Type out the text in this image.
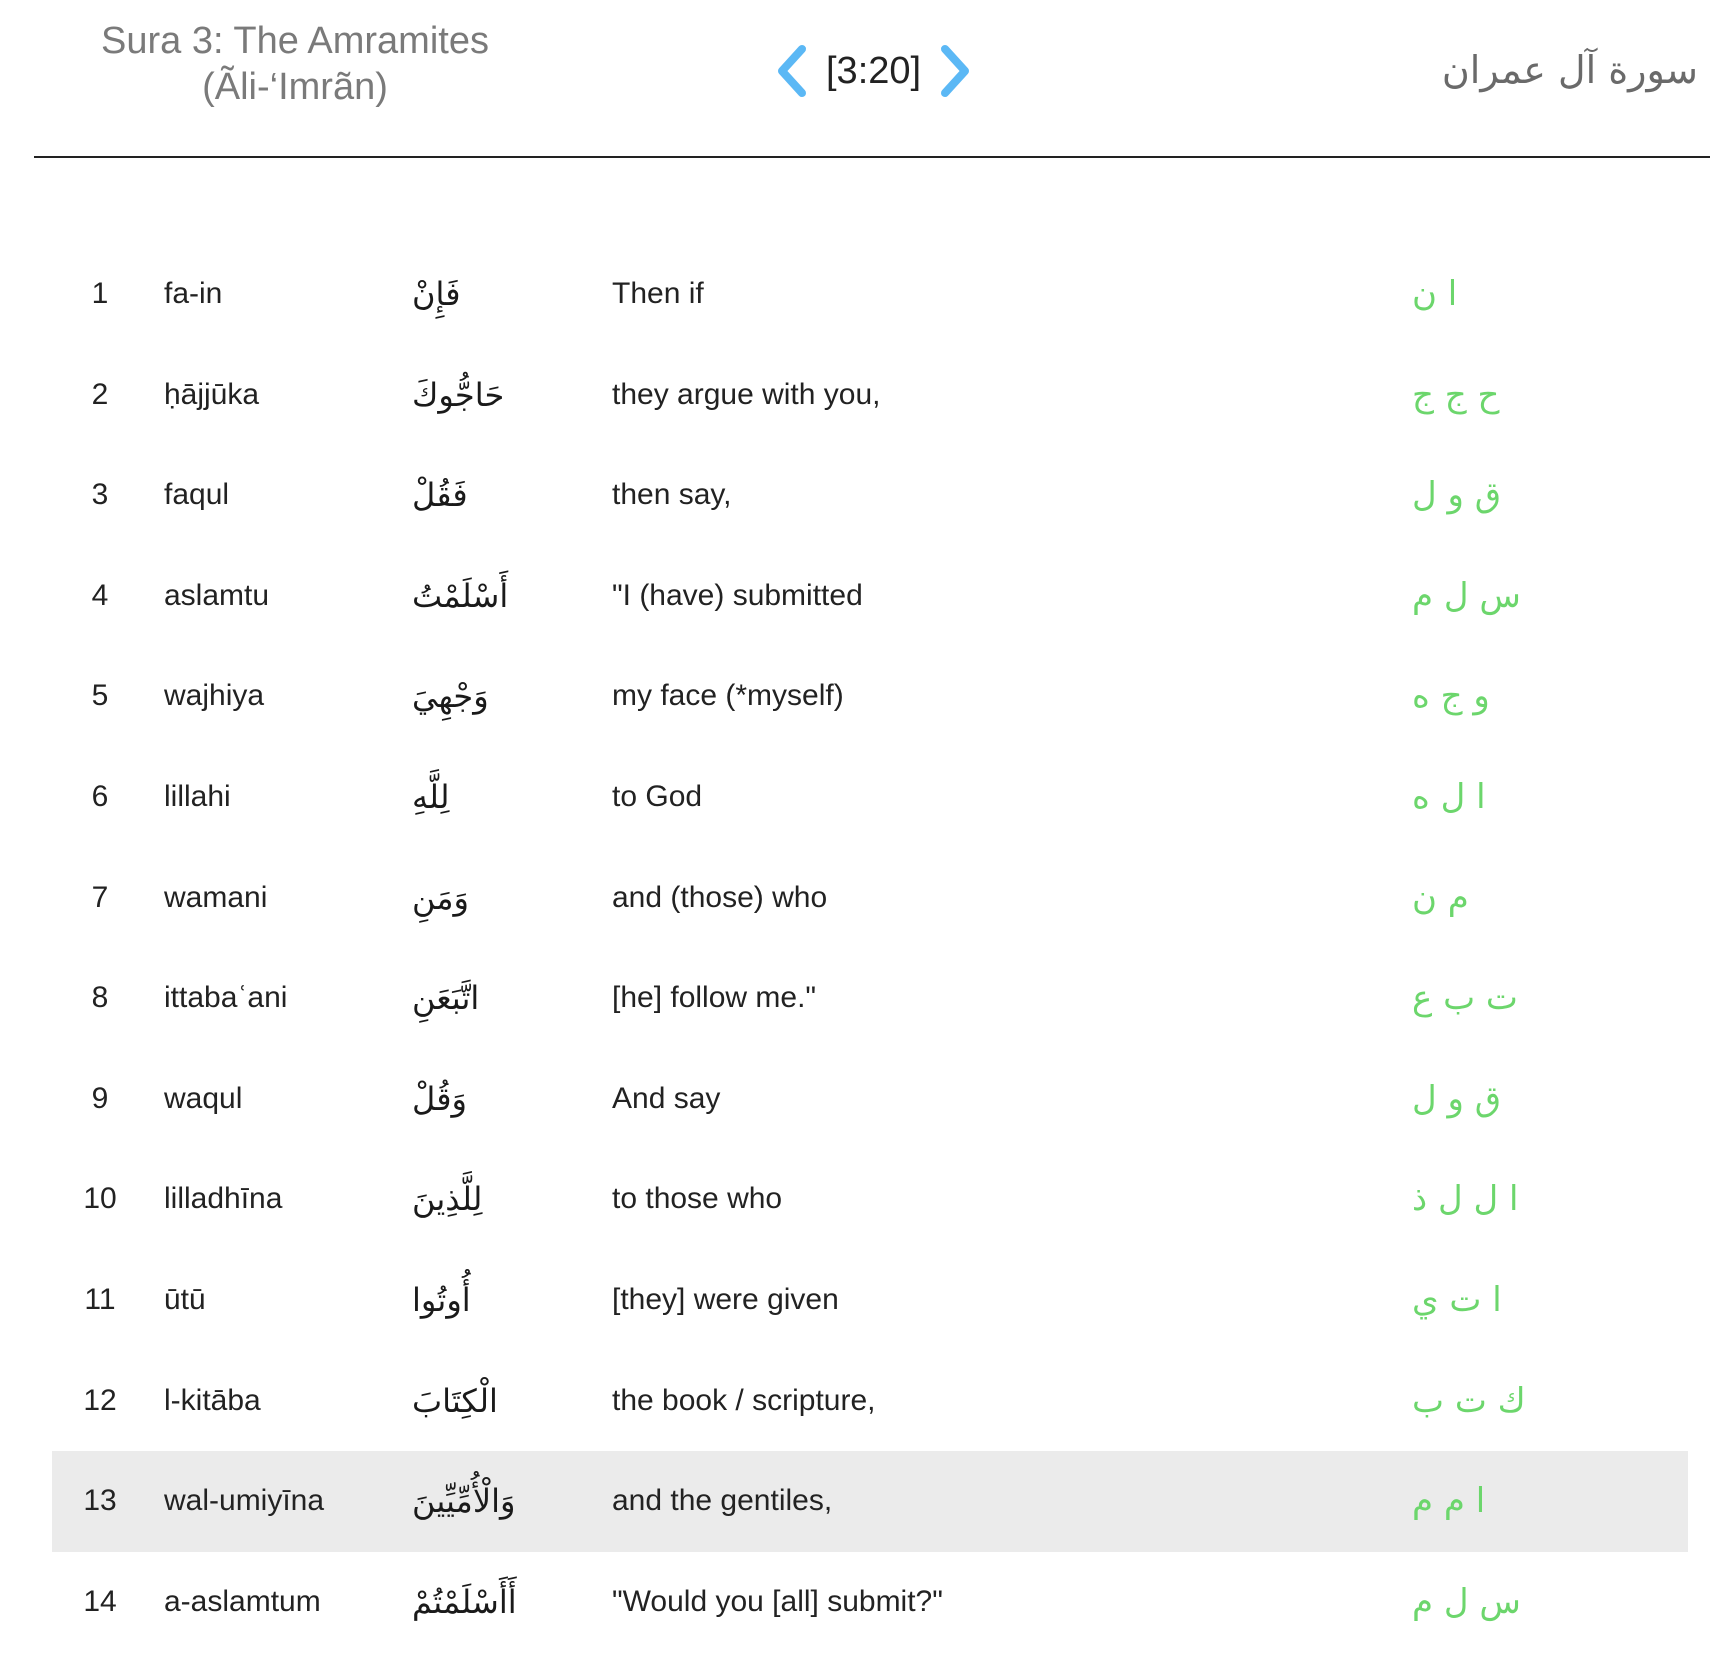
Sura 3: The Amramites
(Ãli-‘Imrãn)	[3:20]	سورة آل عمران
1	fa-in	فَإِنْ	Then if	ا ن
2	ḥājjūka	حَاجُّوكَ	they argue with you,	ح ج ج
3	faqul	فَقُلْ	then say,	ق و ل
4	aslamtu	أَسْلَمْتُ	"I (have) submitted	س ل م
5	wajhiya	وَجْهِيَ	my face (*myself)	و ج ه
6	lillahi	لِلَّهِ	to God	ا ل ه
7	wamani	وَمَنِ	and (those) who	م ن
8	ittabaʿani	اتَّبَعَنِ	[he] follow me."	ت ب ع
9	waqul	وَقُلْ	And say	ق و ل
10	lilladhīna	لِلَّذِينَ	to those who	ا ل ل ذ
11	ūtū	أُوتُوا	[they] were given	ا ت ي
12	l-kitāba	الْكِتَابَ	the book / scripture,	ك ت ب
13	wal-umiyīna	وَالْأُمِّيِّينَ	and the gentiles,	ا م م
14	a-aslamtum	أَأَسْلَمْتُمْ	"Would you [all] submit?"	س ل م
